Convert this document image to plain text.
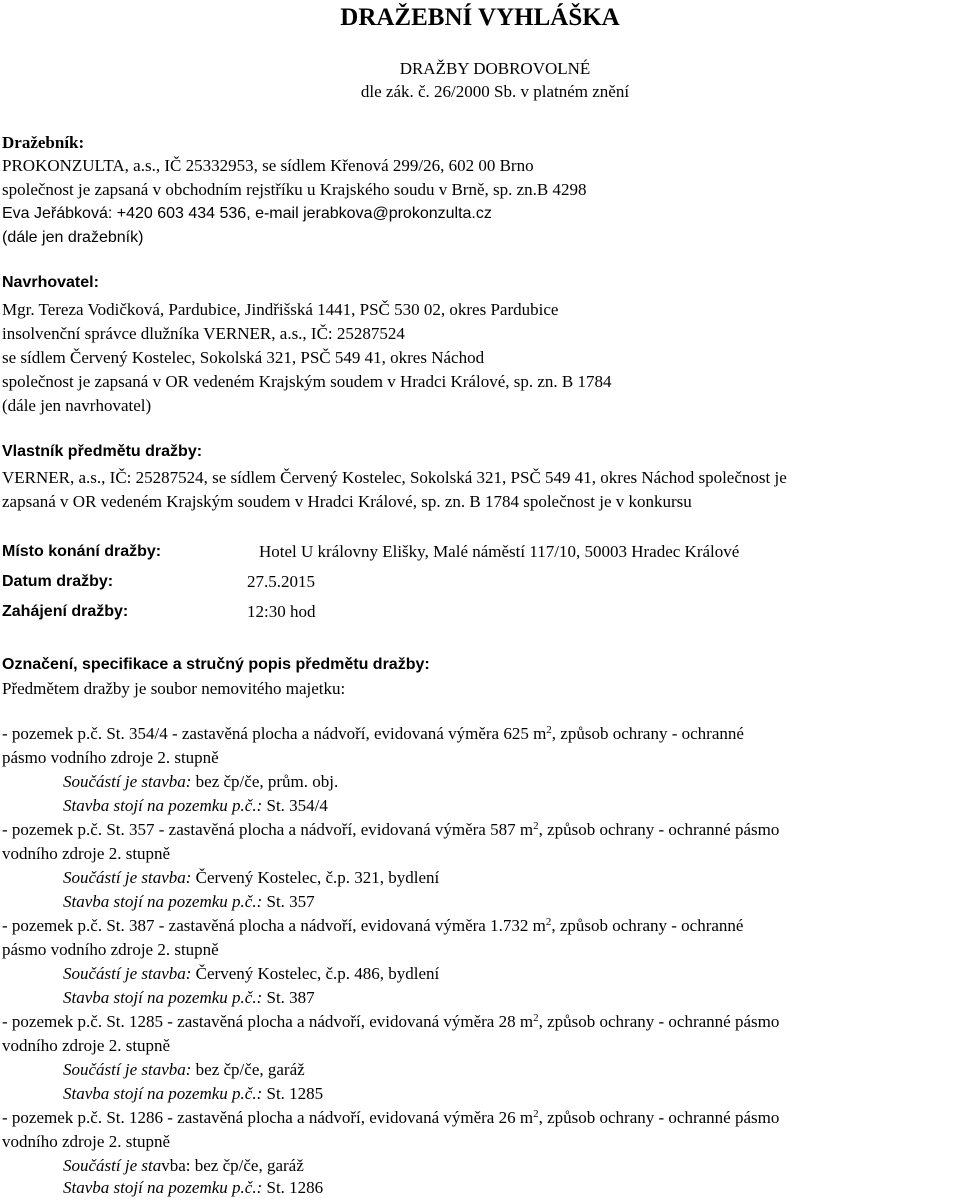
DRAŽEBNÍ VYHLÁŠKA
DRAŽBY DOBROVOLNÉ
dle zák. č. 26/2000 Sb. v platném znění
Dražebník:
PROKONZULTA, a.s., IČ 25332953, se sídlem Křenová 299/26, 602 00 Brno
společnost je zapsaná v obchodním rejstříku u Krajského soudu v Brně, sp. zn.B 4298
Eva Jeřábková: +420 603 434 536, e-mail jerabkova@prokonzulta.cz
(dále jen dražebník)
Navrhovatel:
Mgr. Tereza Vodičková, Pardubice, Jindřišská 1441, PSČ 530 02, okres Pardubice
insolvenční správce dlužníka VERNER, a.s., IČ: 25287524
se sídlem Červený Kostelec, Sokolská 321, PSČ 549 41, okres Náchod
společnost je zapsaná v OR vedeném Krajským soudem v Hradci Králové, sp. zn. B 1784
(dále jen navrhovatel)
Vlastník předmětu dražby:
VERNER, a.s., IČ: 25287524, se sídlem Červený Kostelec, Sokolská 321, PSČ 549 41, okres Náchod společnost je
zapsaná v OR vedeném Krajským soudem v Hradci Králové, sp. zn. B 1784 společnost je v konkursu
Místo konání dražby:	Hotel U královny Elišky, Malé náměstí 117/10, 50003 Hradec Králové
Datum dražby:	27.5.2015
Zahájení dražby:	12:30 hod
Označení, specifikace a stručný popis předmětu dražby:
Předmětem dražby je soubor nemovitého majetku:
- pozemek p.č. St. 354/4 - zastavěná plocha a nádvoří, evidovaná výměra 625 $m^2$, způsob ochrany - ochranné
pásmo vodního zdroje 2. stupně
Součástí je stavba: bez čp/če, prům. obj.
Stavba stojí na pozemku p.č.: St. 354/4
- pozemek p.č. St. 357 - zastavěná plocha a nádvoří, evidovaná výměra 587 $m^2$, způsob ochrany - ochranné pásmo
vodního zdroje 2. stupně
Součástí je stavba: Červený Kostelec, č.p. 321, bydlení
Stavba stojí na pozemku p.č.: St. 357
- pozemek p.č. St. 387 - zastavěná plocha a nádvoří, evidovaná výměra 1.732 $m^2$, způsob ochrany - ochranné
pásmo vodního zdroje 2. stupně
Součástí je stavba: Červený Kostelec, č.p. 486, bydlení
Stavba stojí na pozemku p.č.: St. 387
- pozemek p.č. St. 1285 - zastavěná plocha a nádvoří, evidovaná výměra 28 $m^2$, způsob ochrany - ochranné pásmo
vodního zdroje 2. stupně
Součástí je stavba: bez čp/če, garáž
Stavba stojí na pozemku p.č.: St. 1285
- pozemek p.č. St. 1286 - zastavěná plocha a nádvoří, evidovaná výměra 26 $m^2$, způsob ochrany - ochranné pásmo
vodního zdroje 2. stupně
Součástí je stavba: bez čp/če, garáž
Stavba stojí na pozemku p.č.: St. 1286
